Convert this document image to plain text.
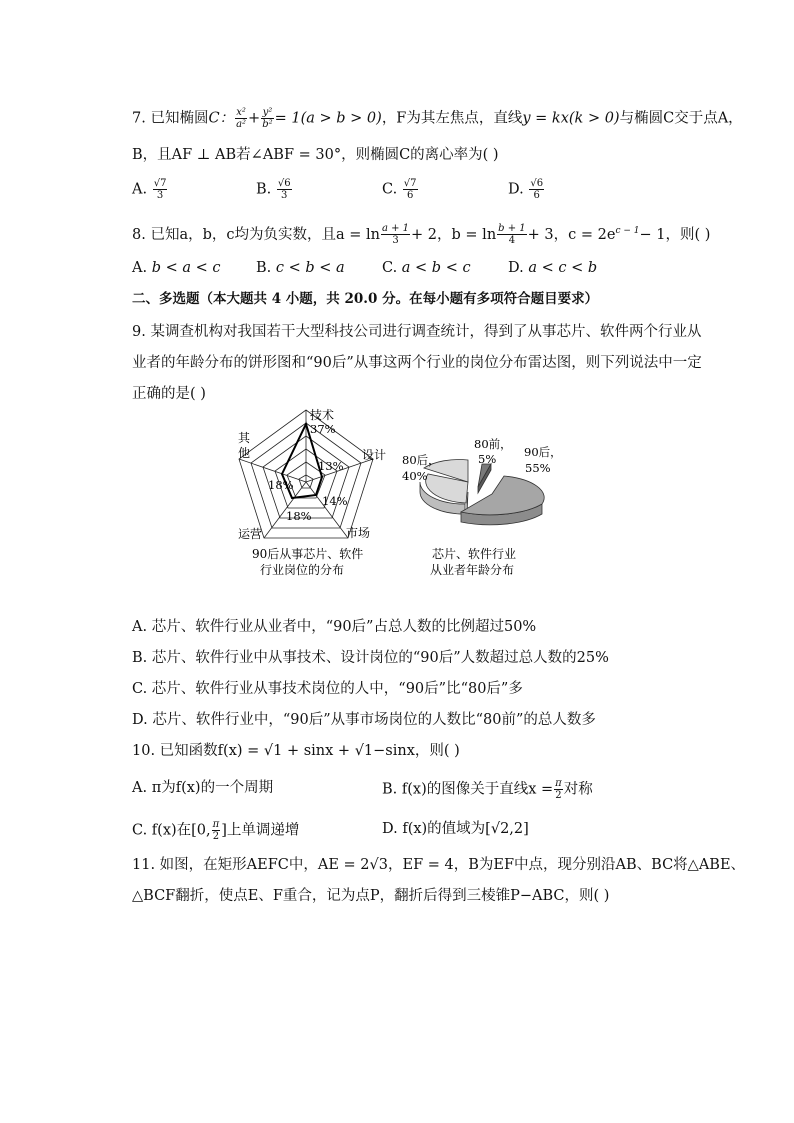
7. 已知椭圆C： $\frac{\text{x²}}{\text{a²}} + \frac{\text{y²}}{\text{b²}} = 1(a > b > 0)$，F为其左焦点，直线y = kx(k > 0)与椭圆C交于点A，
B，且AF ⊥ AB若∠ABF = 30°，则椭圆C的离心率为( )
A. $\frac{√7}{3}$	B. $\frac{√6}{3}$	C. $\frac{√7}{6}$	D. $\frac{√6}{6}$
8. 已知a，b，c均为负实数，且$a = \ln \frac{a + 1}{3} + 2$，$b = \ln \frac{b + 1}{4} + 3$，$c = 2e^{c - 1}- 1$，则( )
A. b < a < c B. c < b < a	C. a < b < c	D. a < c < b
二、多选题（本大题共 4 小题，共 20.0 分。在每小题有多项符合题目要求）
9. 某调查机构对我国若干大型科技公司进行调查统计，得到了从事芯片、软件两个行业从
业者的年龄分布的饼形图和“90后”从事这两个行业的岗位分布雷达图，则下列说法中一定
正确的是( )
技术
37%
设计
13%
14%
市场
18%
运营
18%
其
他
90后从事芯片、软件
行业岗位的分布
80前，
5% 90后，
55%
80后，
40%
芯片、软件行业
从业者年龄分布
A. 芯片、软件行业从业者中，“90后”占总人数的比例超过50%
B. 芯片、软件行业中从事技术、设计岗位的“90后”人数超过总人数的25%
C. 芯片、软件行业从事技术岗位的人中，“90后”比“80后”多
D. 芯片、软件行业中，“90后”从事市场岗位的人数比“80前”的总人数多
10. 已知函数f(x) = √1 + sinx + √1−sinx，则( )
A. π为f(x)的一个周期	B. f(x)的图像关于直线$x = \frac{\pi}{2}$ 对称
C. f(x)在[0, $\frac{\pi}{2}$ ]上单调递增	D. f(x)的值域为[√2,2]
11. 如图，在矩形AEFC中，AE = 2√3，EF = 4，B为EF中点，现分别沿AB、BC将△ABE、
△BCF翻折，使点E、F重合，记为点P，翻折后得到三棱锥P−ABC，则( )
